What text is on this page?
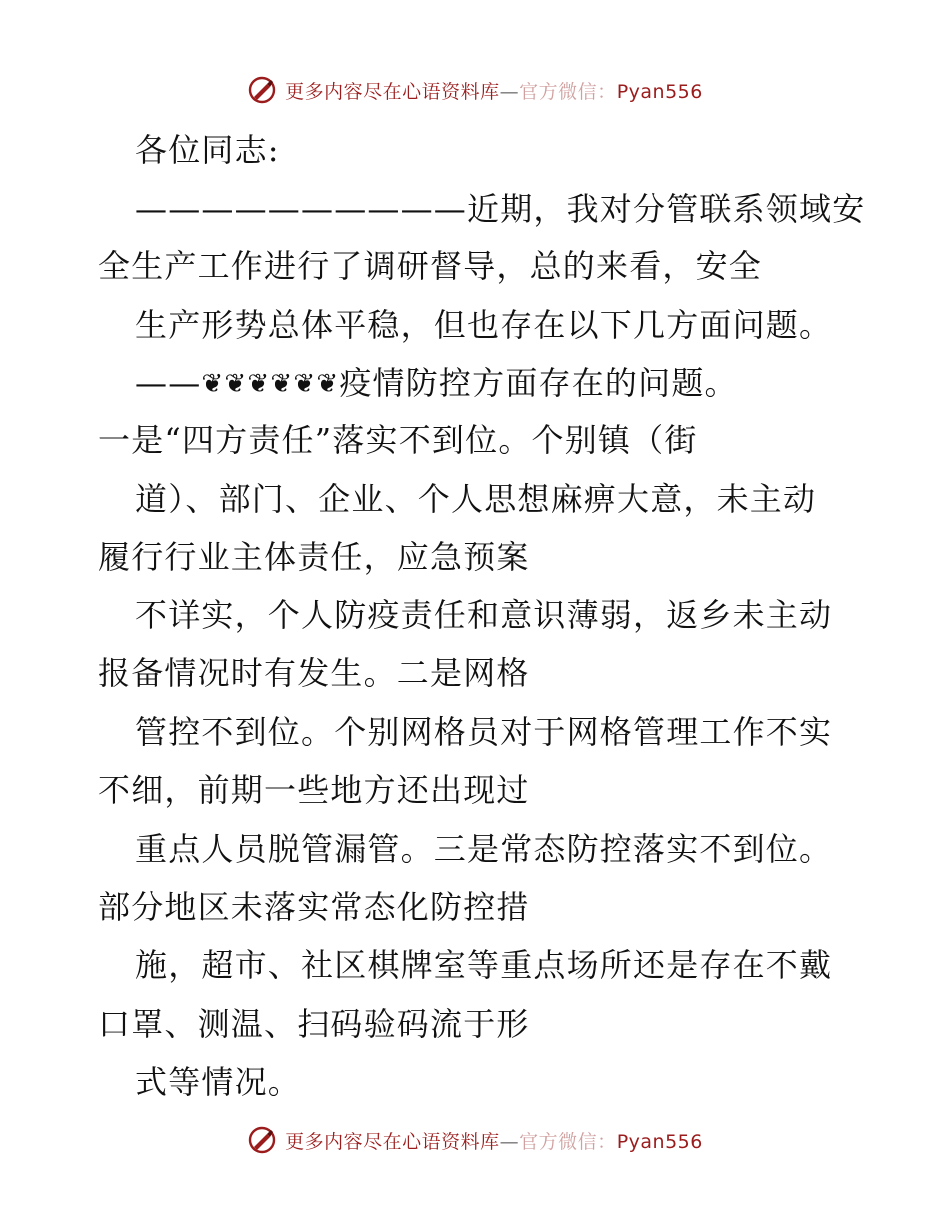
更多内容尽在心语资料库—官方微信：Pyan556
各位同志:
——————————近期，我对分管联系领域安
全生产工作进行了调研督导，总的来看，安全
生产形势总体平稳，但也存在以下几方面问题。
——❦❦❦❦❦❦疫情防控方面存在的问题。
一是“四方责任”落实不到位。个别镇（街
道）、部门、企业、个人思想麻痹大意，未主动
履行行业主体责任，应急预案
不详实，个人防疫责任和意识薄弱，返乡未主动
报备情况时有发生。二是网格
管控不到位。个别网格员对于网格管理工作不实
不细，前期一些地方还出现过
重点人员脱管漏管。三是常态防控落实不到位。
部分地区未落实常态化防控措
施，超市、社区棋牌室等重点场所还是存在不戴
口罩、测温、扫码验码流于形
式等情况。
更多内容尽在心语资料库—官方微信：Pyan556
